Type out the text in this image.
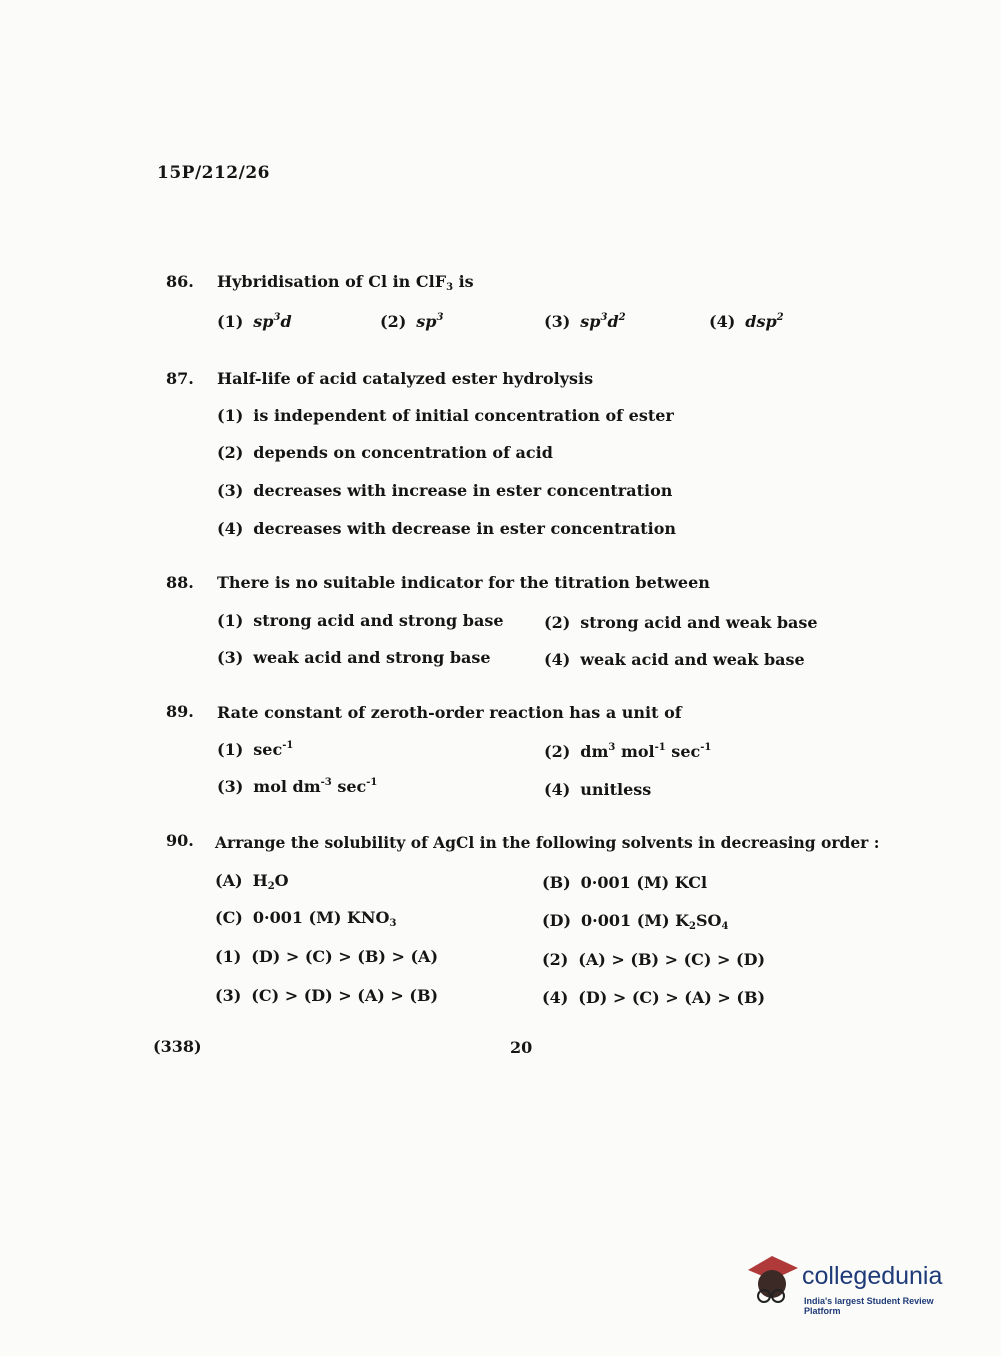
15P/212/26
86. Hybridisation of Cl in ClF$_3$ is
(1) $sp^3d$	(2) $sp^3$	(3) $sp^3d^2$	(4) dsp$^2$
87. Half-life of acid catalyzed ester hydrolysis
(1) is independent of initial concentration of ester
(2) depends on concentration of acid
(3) decreases with increase in ester concentration
(4) decreases with decrease in ester concentration
88. There is no suitable indicator for the titration between
(1) strong acid and strong base	(2) strong acid and weak base
(3) weak acid and strong base	(4) weak acid and weak base
89. Rate constant of zeroth-order reaction has a unit of
(1) $\sec^{-1}$	(2) $dm^3$ mol$^{-1}$ $\sec^{-1}$
(3) mol $dm^{-3}$ $\sec^{-1}$	(4) unitless
90. Arrange the solubility of AgCl in the following solvents in decreasing order :
(A) $H_2O$	(B) 0·001 (M) KCl
(C) 0·001 (M) $KNO_3$	(D) 0·001 (M) $K_2SO_4$
(1) (D) > (C) > (B) > (A)	(2) (A) > (B) > (C) > (D)
(3) (C) > (D) > (A) > (B)	(4) (D) > (C) > (A) > (B)
(338)	20
collegedunia
India's largest Student Review Platform
